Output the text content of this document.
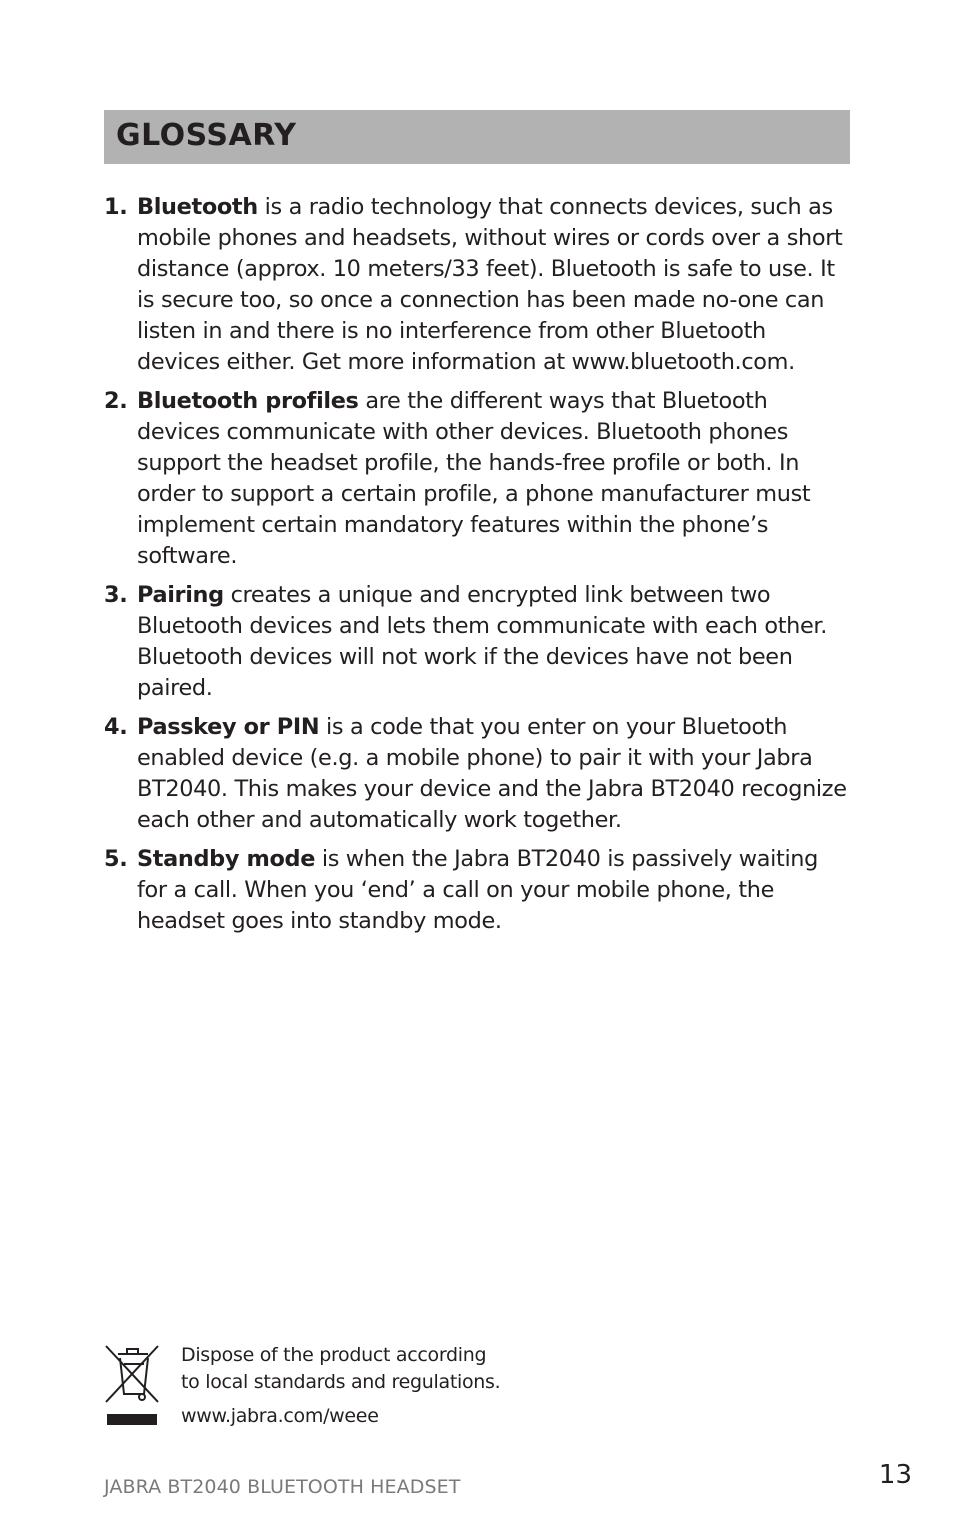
GLOSSARY
1. Bluetooth is a radio technology that connects devices, such as mobile phones and headsets, without wires or cords over a short distance (approx. 10 meters/33 feet). Bluetooth is safe to use. It is secure too, so once a connection has been made no-one can listen in and there is no interference from other Bluetooth devices either. Get more information at www.bluetooth.com.
2. Bluetooth profiles are the different ways that Bluetooth devices communicate with other devices. Bluetooth phones support the headset profile, the hands-free profile or both. In order to support a certain profile, a phone manufacturer must implement certain mandatory features within the phone’s software.
3. Pairing creates a unique and encrypted link between two Bluetooth devices and lets them communicate with each other. Bluetooth devices will not work if the devices have not been paired.
4. Passkey or PIN is a code that you enter on your Bluetooth enabled device (e.g. a mobile phone) to pair it with your Jabra BT2040. This makes your device and the Jabra BT2040 recognize each other and automatically work together.
5. Standby mode is when the Jabra BT2040 is passively waiting for a call. When you ‘end’ a call on your mobile phone, the headset goes into standby mode.
Dispose of the product according
to local standards and regulations.
www.jabra.com/weee
JABRA BT2040 BLUETOOTH HEADSET	13
